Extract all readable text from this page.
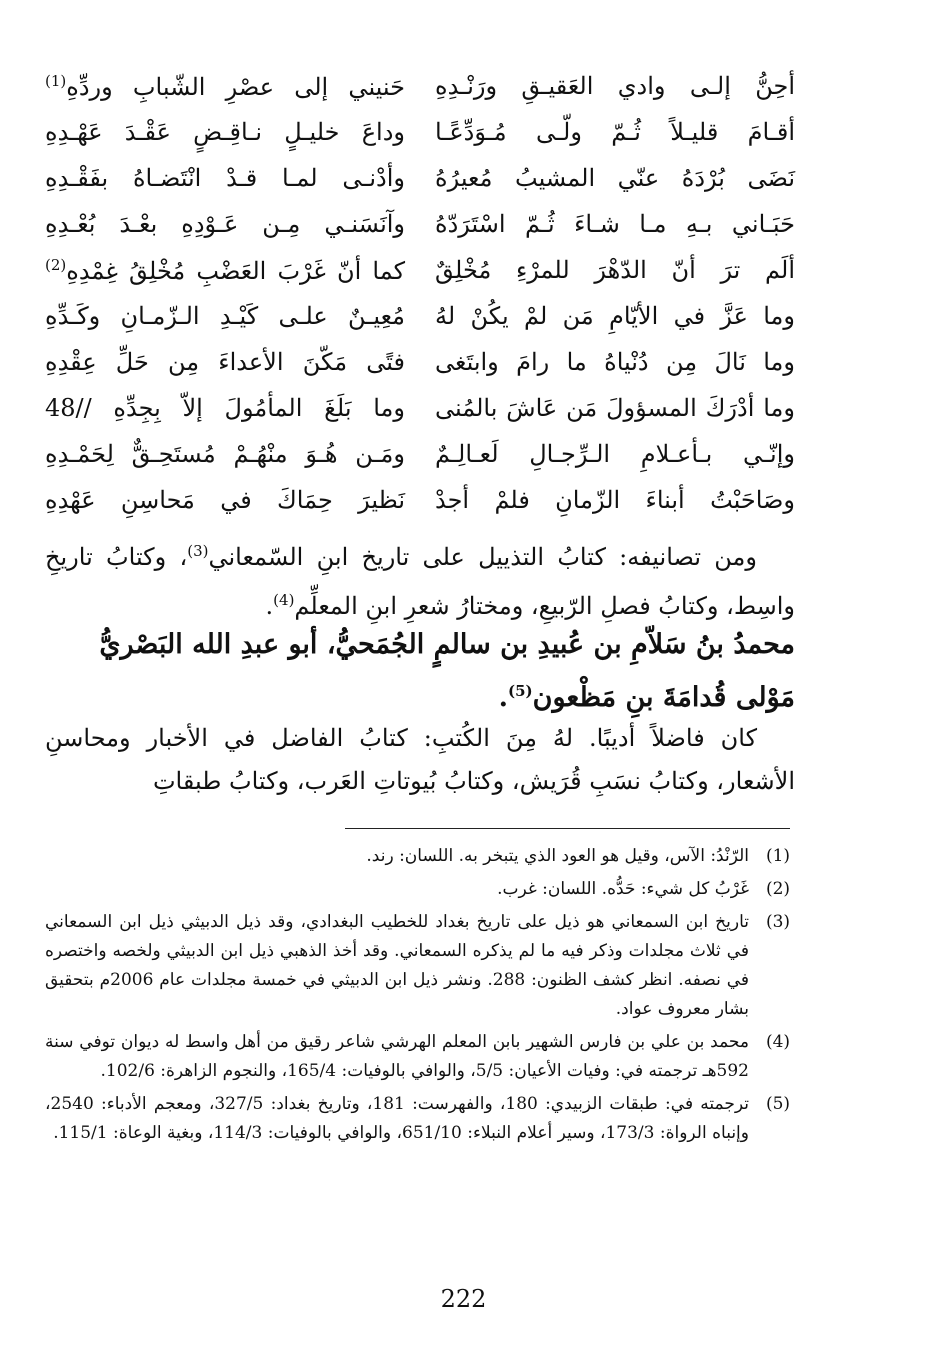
أحِنُّ إلـى وادي العَقيـقِ ورَنْـدِهِ
حَنيني إلى عصْرِ الشّبابِ وردِّهِ$^{(1)}$
أقـامَ قليـلاً ثُـمّ ولّـى مُـوَدِّعًـا
وداعَ خليـلٍ نـاقِـضٍ عَقْـدَ عَهْـدِهِ
نَضَى بُرْدَهُ عنّي المشيبُ مُعيرُهُ
وأدْنـى لمـا قـدْ انْتَضـاهُ بفَقْـدِهِ
حَبَـاني بـهِ مـا شـاءَ ثُـمّ اسْتَرَدّهُ
وآنَسَنـي مِـن عَـوْدِهِ بعْـدَ بُعْـدِهِ
ألَم ترَ أنّ الدّهْرَ للمرْءِ مُخْلِقٌ
كما أنّ غَرْبَ العَضْبِ مُخْلِقُ غِمْدِهِ$^{(2)}$
وما عَزَّ في الأيّامِ مَن لمْ يكُنْ لهُ
مُعِيـنٌ علـى كَيْـدِ الـزّمـانِ وكَـدِّهِ
وما نَالَ مِن دُنْياهُ ما رامَ وابتَغى
فتًى مَكّنَ الأعداءَ مِن حَلِّ عِقْدِهِ
وما أدْرَكَ المسؤولَ مَن عَاشَ بالمُنى
وما بَلَغَ المأمُولَ إلاّ بِجِدِّهِ //48
وإنّـي بـأعـلامِ الـرِّجـالِ لَعـالِـمٌ
ومَـن هُـوَ منْهُـمْ مُستَحِـقٌّ لِحَمْـدِهِ
وصَاحَبْتُ أبناءَ الزّمانِ فلمْ أجدْ
نَظيرَ حِمَاكَ في مَحاسِنِ عَهْدِهِ
ومن تصانيفه: كتابُ التذييل على تاريخ ابنِ السّمعاني$^{(3)}$، وكتابُ تاريخِ واسِط، وكتابُ فصلِ الرّبيعِ، ومختارُ شعرِ ابنِ المعلِّم$^{(4)}$.
محمدُ بنُ سَلاّمِ بن عُبيدِ بن سالمٍ الجُمَحيُّ، أبو عبدِ الله البَصْريُّ
مَوْلى قُدامَةَ بنِ مَظْعون$^{(5)}$.
كان فاضلاً أديبًا. لهُ مِنَ الكُتبِ: كتابُ الفاضل في الأخبار ومحاسنِ الأشعار، وكتابُ نسَبِ قُرَيش، وكتابُ بُيوتاتِ العَرب، وكتابُ طبقاتِ
(1)
الرّنْدُ: الآس، وقيل هو العود الذي يتبخر به. اللسان: رند.
(2)
غَرْبُ كل شيء: حَدُّه. اللسان: غرب.
(3)
تاريخ ابن السمعاني هو ذيل على تاريخ بغداد للخطيب البغدادي، وقد ذيل الدبيثي ذيل ابن السمعاني في ثلاث مجلدات وذكر فيه ما لم يذكره السمعاني. وقد أخذ الذهبي ذيل ابن الدبيثي ولخصه واختصره في نصفه. انظر كشف الظنون: 288. ونشر ذيل ابن الدبيثي في خمسة مجلدات عام 2006م بتحقيق بشار معروف عواد.
(4)
محمد بن علي بن فارس الشهير بابن المعلم الهرشي شاعر رقيق من أهل واسط له ديوان توفي سنة 592هـ ترجمته في: وفيات الأعيان: 5/5، والوافي بالوفيات: 165/4، والنجوم الزاهرة: 102/6.
(5)
ترجمته في: طبقات الزبيدي: 180، والفهرست: 181، وتاريخ بغداد: 327/5، ومعجم الأدباء: 2540، وإنباه الرواة: 173/3، وسير أعلام النبلاء: 651/10، والوافي بالوفيات: 114/3، وبغية الوعاة: 115/1.
222
